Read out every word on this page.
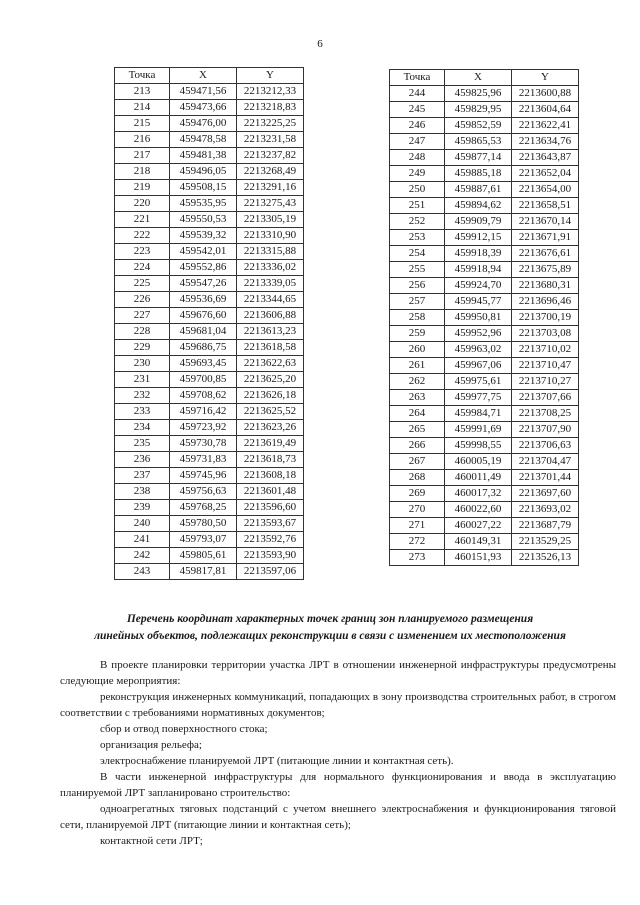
6
Точка	X	Y
213	459471,56	2213212,33
214	459473,66	2213218,83
215	459476,00	2213225,25
216	459478,58	2213231,58
217	459481,38	2213237,82
218	459496,05	2213268,49
219	459508,15	2213291,16
220	459535,95	2213275,43
221	459550,53	2213305,19
222	459539,32	2213310,90
223	459542,01	2213315,88
224	459552,86	2213336,02
225	459547,26	2213339,05
226	459536,69	2213344,65
227	459676,60	2213606,88
228	459681,04	2213613,23
229	459686,75	2213618,58
230	459693,45	2213622,63
231	459700,85	2213625,20
232	459708,62	2213626,18
233	459716,42	2213625,52
234	459723,92	2213623,26
235	459730,78	2213619,49
236	459731,83	2213618,73
237	459745,96	2213608,18
238	459756,63	2213601,48
239	459768,25	2213596,60
240	459780,50	2213593,67
241	459793,07	2213592,76
242	459805,61	2213593,90
243	459817,81	2213597,06
Точка	X	Y
244	459825,96	2213600,88
245	459829,95	2213604,64
246	459852,59	2213622,41
247	459865,53	2213634,76
248	459877,14	2213643,87
249	459885,18	2213652,04
250	459887,61	2213654,00
251	459894,62	2213658,51
252	459909,79	2213670,14
253	459912,15	2213671,91
254	459918,39	2213676,61
255	459918,94	2213675,89
256	459924,70	2213680,31
257	459945,77	2213696,46
258	459950,81	2213700,19
259	459952,96	2213703,08
260	459963,02	2213710,02
261	459967,06	2213710,47
262	459975,61	2213710,27
263	459977,75	2213707,66
264	459984,71	2213708,25
265	459991,69	2213707,90
266	459998,55	2213706,63
267	460005,19	2213704,47
268	460011,49	2213701,44
269	460017,32	2213697,60
270	460022,60	2213693,02
271	460027,22	2213687,79
272	460149,31	2213529,25
273	460151,93	2213526,13
Перечень координат характерных точек границ зон планируемого размещения
линейных объектов, подлежащих реконструкции в связи с изменением их местоположения

В проекте планировки территории участка ЛРТ в отношении инженерной инфраструктуры предусмотрены следующие мероприятия:

реконструкция инженерных коммуникаций, попадающих в зону производства строительных работ, в строгом соответствии с требованиями нормативных документов;

сбор и отвод поверхностного стока;

организация рельефа;

электроснабжение планируемой ЛРТ (питающие линии и контактная сеть).

В части инженерной инфраструктуры для нормального функционирования и ввода в эксплуатацию планируемой ЛРТ запланировано строительство:

одноагрегатных тяговых подстанций с учетом внешнего электроснабжения и функционирования тяговой сети, планируемой ЛРТ (питающие линии и контактная сеть);

контактной сети ЛРТ;
